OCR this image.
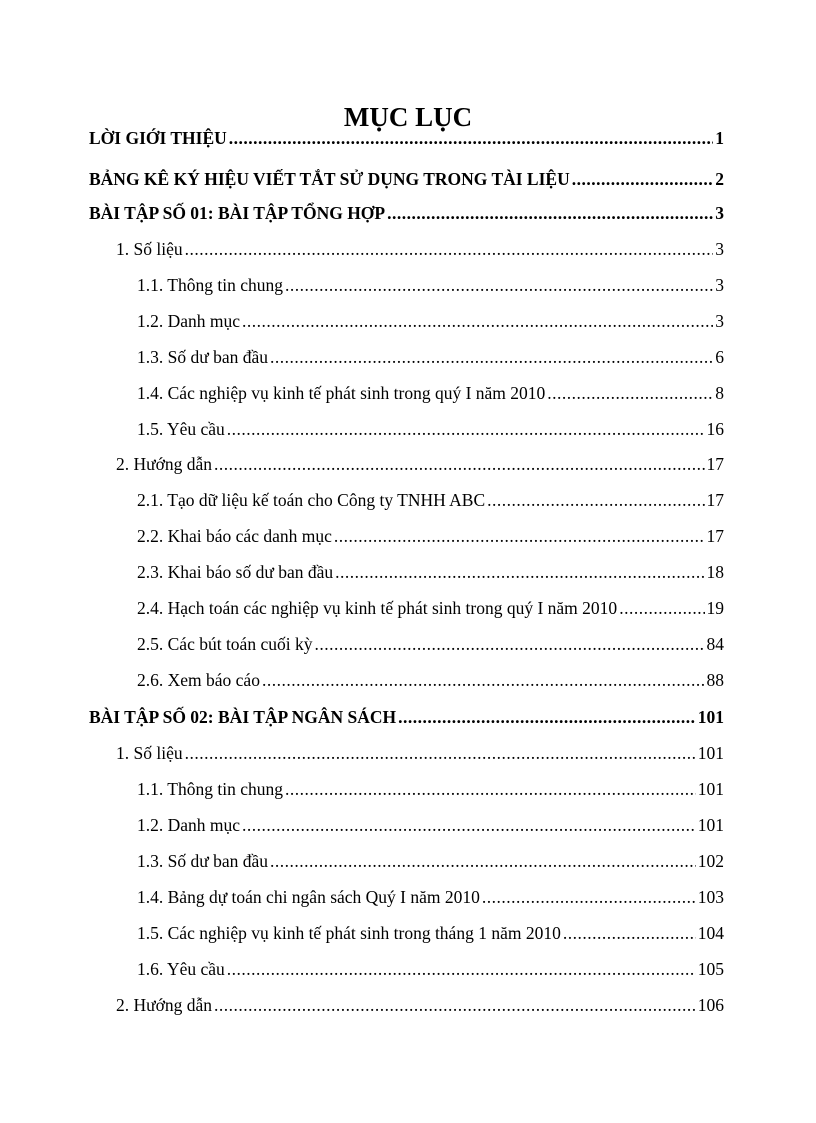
MỤC LỤC
LỜI GIỚI THIỆU .....	1
BẢNG KÊ KÝ HIỆU VIẾT TẮT SỬ DỤNG TRONG TÀI LIỆU .....	2
BÀI TẬP SỐ 01: BÀI TẬP TỔNG HỢP .....	3
1. Số liệu .....	3
1.1. Thông tin chung .....	3
1.2. Danh mục .....	3
1.3. Số dư ban đầu .....	6
1.4. Các nghiệp vụ kinh tế phát sinh trong quý I năm 2010 .....	8
1.5. Yêu cầu .....	16
2. Hướng dẫn .....	17
2.1. Tạo dữ liệu kế toán cho Công ty TNHH ABC .....	17
2.2. Khai báo các danh mục .....	17
2.3. Khai báo số dư ban đầu .....	18
2.4. Hạch toán các nghiệp vụ kinh tế phát sinh trong quý I năm 2010 .....	19
2.5. Các bút toán cuối kỳ .....	84
2.6. Xem báo cáo .....	88
BÀI TẬP SỐ 02: BÀI TẬP NGÂN SÁCH .....	101
1. Số liệu .....	101
1.1. Thông tin chung .....	101
1.2. Danh mục .....	101
1.3. Số dư ban đầu .....	102
1.4. Bảng dự toán chi ngân sách Quý I năm 2010 .....	103
1.5. Các nghiệp vụ kinh tế phát sinh trong tháng 1 năm 2010 .....	104
1.6. Yêu cầu .....	105
2. Hướng dẫn .....	106
